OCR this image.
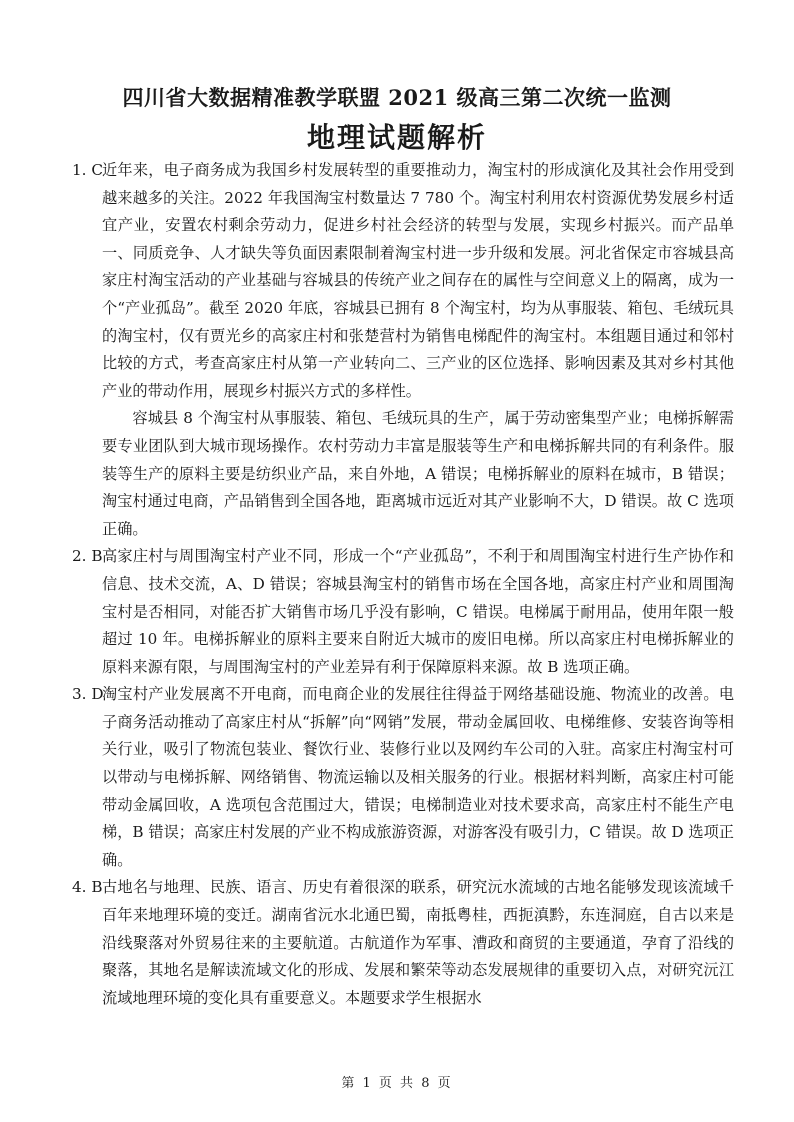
四川省大数据精准教学联盟 2021 级高三第二次统一监测
地理试题解析
1. C 近年来，电子商务成为我国乡村发展转型的重要推动力，淘宝村的形成演化及其社会作用受到越来越多的关注。2022 年我国淘宝村数量达 7 780 个。淘宝村利用农村资源优势发展乡村适宜产业，安置农村剩余劳动力，促进乡村社会经济的转型与发展，实现乡村振兴。而产品单一、同质竞争、人才缺失等负面因素限制着淘宝村进一步升级和发展。河北省保定市容城县高家庄村淘宝活动的产业基础与容城县的传统产业之间存在的属性与空间意义上的隔离，成为一个“产业孤岛”。截至 2020 年底，容城县已拥有 8 个淘宝村，均为从事服装、箱包、毛绒玩具的淘宝村，仅有贾光乡的高家庄村和张楚营村为销售电梯配件的淘宝村。本组题目通过和邻村比较的方式，考查高家庄村从第一产业转向二、三产业的区位选择、影响因素及其对乡村其他产业的带动作用，展现乡村振兴方式的多样性。

容城县 8 个淘宝村从事服装、箱包、毛绒玩具的生产，属于劳动密集型产业；电梯拆解需要专业团队到大城市现场操作。农村劳动力丰富是服装等生产和电梯拆解共同的有利条件。服装等生产的原料主要是纺织业产品，来自外地，A 错误；电梯拆解业的原料在城市，B 错误；淘宝村通过电商，产品销售到全国各地，距离城市远近对其产业影响不大，D 错误。故 C 选项正确。

2. B 高家庄村与周围淘宝村产业不同，形成一个“产业孤岛”，不利于和周围淘宝村进行生产协作和信息、技术交流，A、D 错误；容城县淘宝村的销售市场在全国各地，高家庄村产业和周围淘宝村是否相同，对能否扩大销售市场几乎没有影响，C 错误。电梯属于耐用品，使用年限一般超过 10 年。电梯拆解业的原料主要来自附近大城市的废旧电梯。所以高家庄村电梯拆解业的原料来源有限，与周围淘宝村的产业差异有利于保障原料来源。故 B 选项正确。

3. D

淘宝村产业发展离不开电商，而电商企业的发展往往得益于网络基础设施、物流业的改善。电子商务活动推动了高家庄村从“拆解”向“网销”发展，带动金属回收、电梯维修、安装咨询等相关行业，吸引了物流包装业、餐饮行业、装修行业以及网约车公司的入驻。高家庄村淘宝村可以带动与电梯拆解、网络销售、物流运输以及相关服务的行业。根据材料判断，高家庄村可能带动金属回收，A 选项包含范围过大，错误；电梯制造业对技术要求高，高家庄村不能生产电梯，B 错误；高家庄村发展的产业不构成旅游资源，对游客没有吸引力，C 错误。故 D 选项正确。

4. B 古地名与地理、民族、语言、历史有着很深的联系，研究沅水流域的古地名能够发现该流域千百年来地理环境的变迁。湖南省沅水北通巴蜀，南抵粤桂，西扼滇黔，东连洞庭，自古以来是沿线聚落对外贸易往来的主要航道。古航道作为军事、漕政和商贸的主要通道，孕育了沿线的聚落，其地名是解读流域文化的形成、发展和繁荣等动态发展规律的重要切入点，对研究沅江流域地理环境的变化具有重要意义。本题要求学生根据水

第 1 页 共 8 页
